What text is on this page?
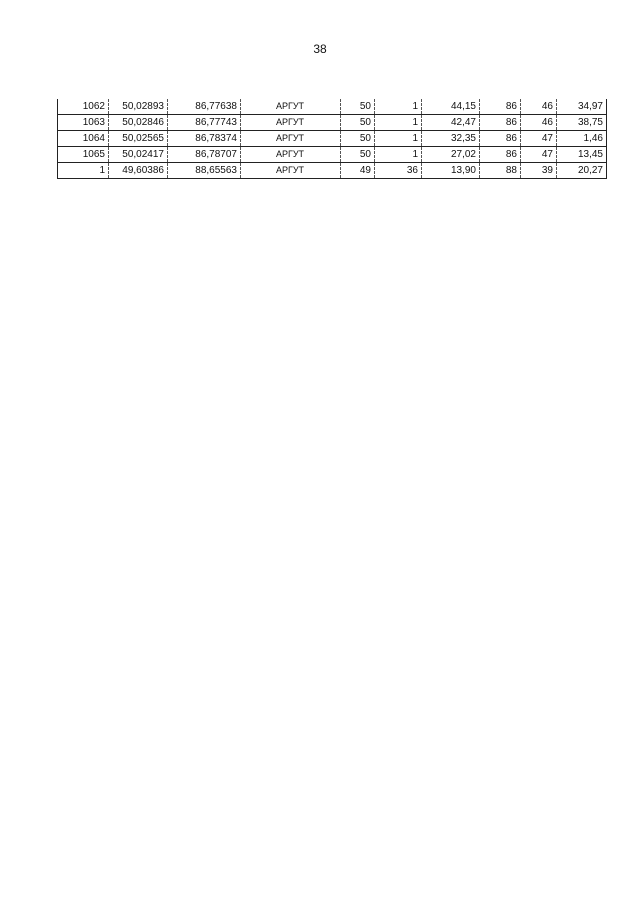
38
1062	50,02893	86,77638	АРГУТ	50	1	44,15	86	46	34,97
1063	50,02846	86,77743	АРГУТ	50	1	42,47	86	46	38,75
1064	50,02565	86,78374	АРГУТ	50	1	32,35	86	47	1,46
1065	50,02417	86,78707	АРГУТ	50	1	27,02	86	47	13,45
1	49,60386	88,65563	АРГУТ	49	36	13,90	88	39	20,27
